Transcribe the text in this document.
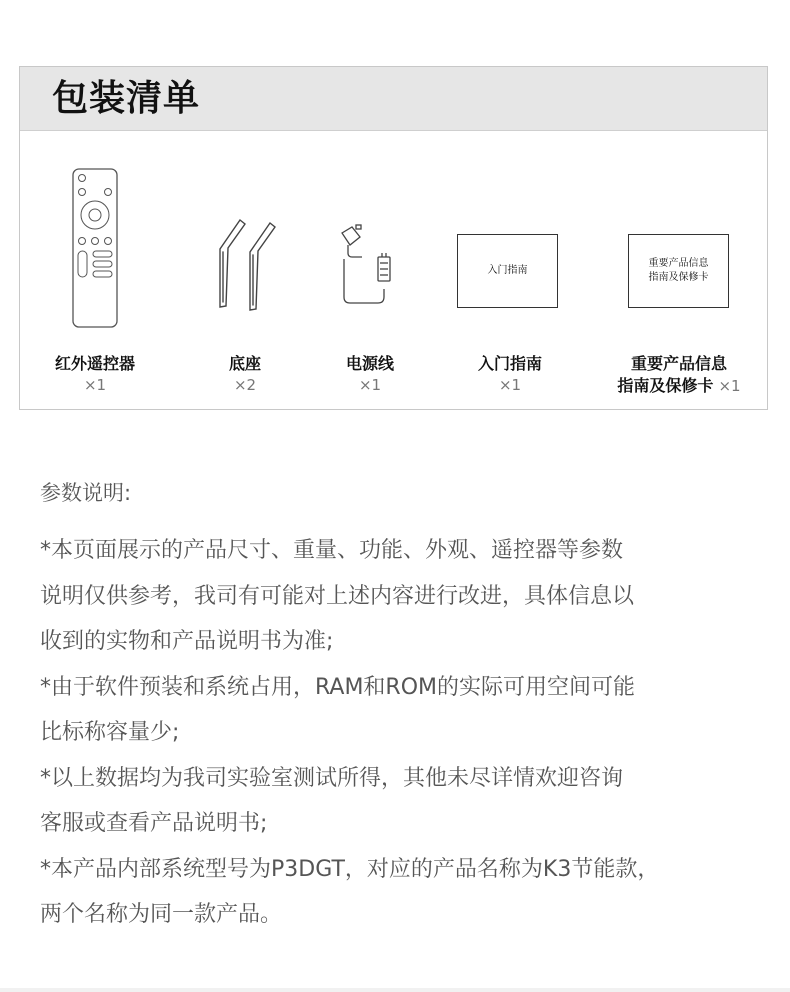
包装清单
红外遥控器
×1
底座
×2
电源线
×1
入门指南
入门指南
×1
重要产品信息
指南及保修卡
重要产品信息
指南及保修卡 ×1
参数说明:
*本页面展示的产品尺寸、重量、功能、外观、遥控器等参数
说明仅供参考，我司有可能对上述内容进行改进，具体信息以
收到的实物和产品说明书为准;
*由于软件预装和系统占用，RAM和ROM的实际可用空间可能
比标称容量少;
*以上数据均为我司实验室测试所得，其他未尽详情欢迎咨询
客服或查看产品说明书;
*本产品内部系统型号为P3DGT，对应的产品名称为K3节能款，
两个名称为同一款产品。
